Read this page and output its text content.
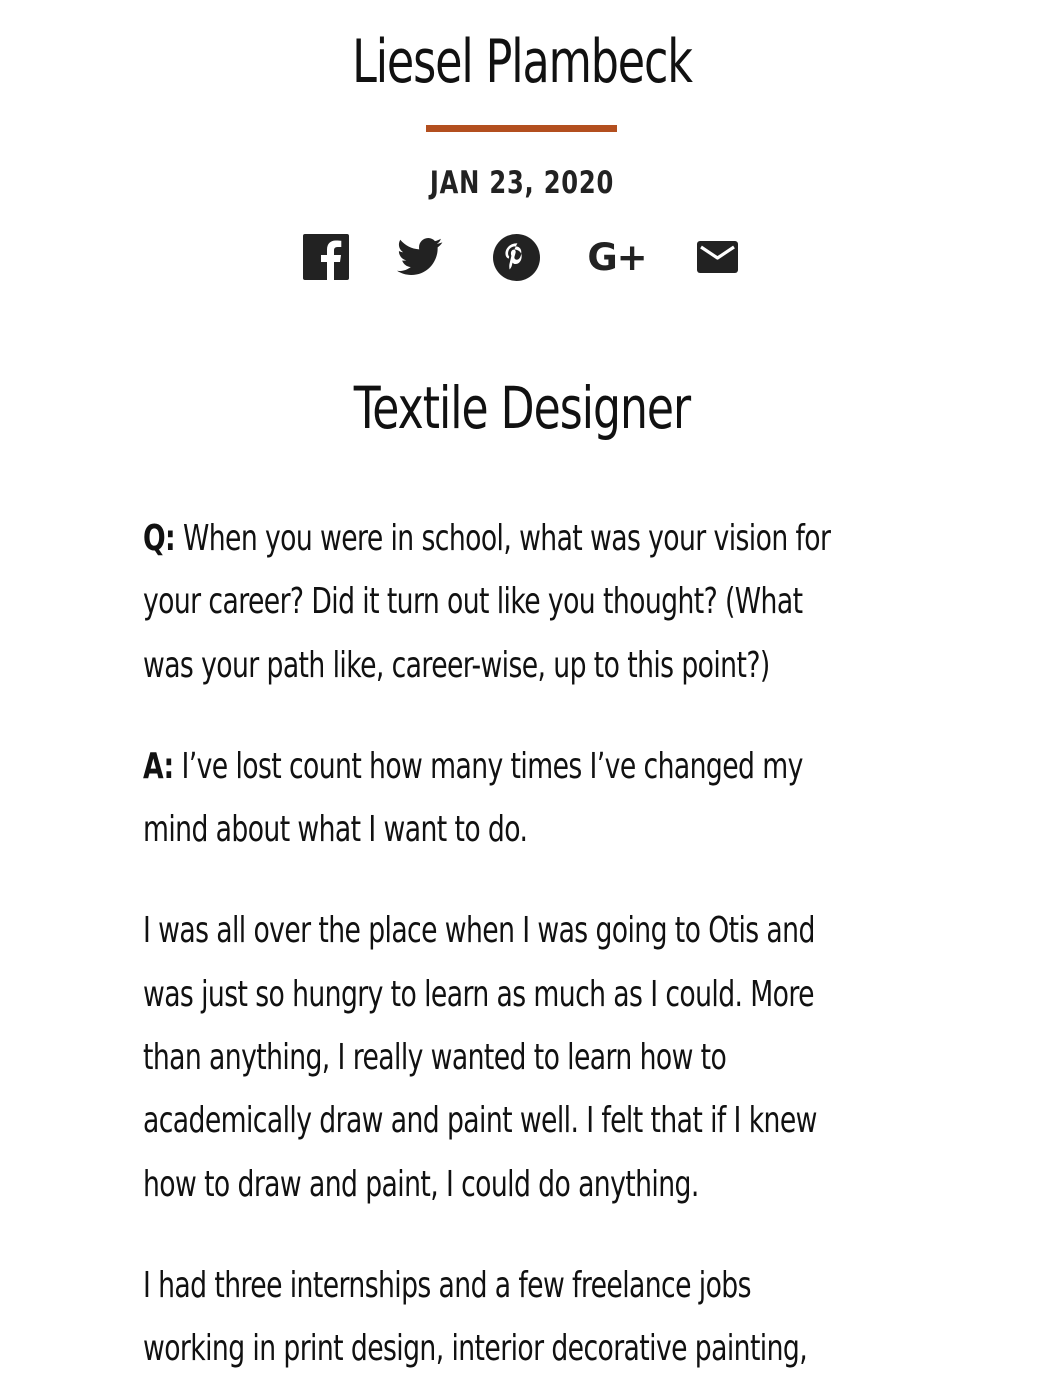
Liesel Plambeck
JAN 23, 2020
G+
Textile Designer
Q: When you were in school, what was your vision for
your career? Did it turn out like you thought? (What
was your path like, career-wise, up to this point?)
A: I’ve lost count how many times I’ve changed my
mind about what I want to do.
I was all over the place when I was going to Otis and
was just so hungry to learn as much as I could. More
than anything, I really wanted to learn how to
academically draw and paint well. I felt that if I knew
how to draw and paint, I could do anything.
I had three internships and a few freelance jobs
working in print design, interior decorative painting,
